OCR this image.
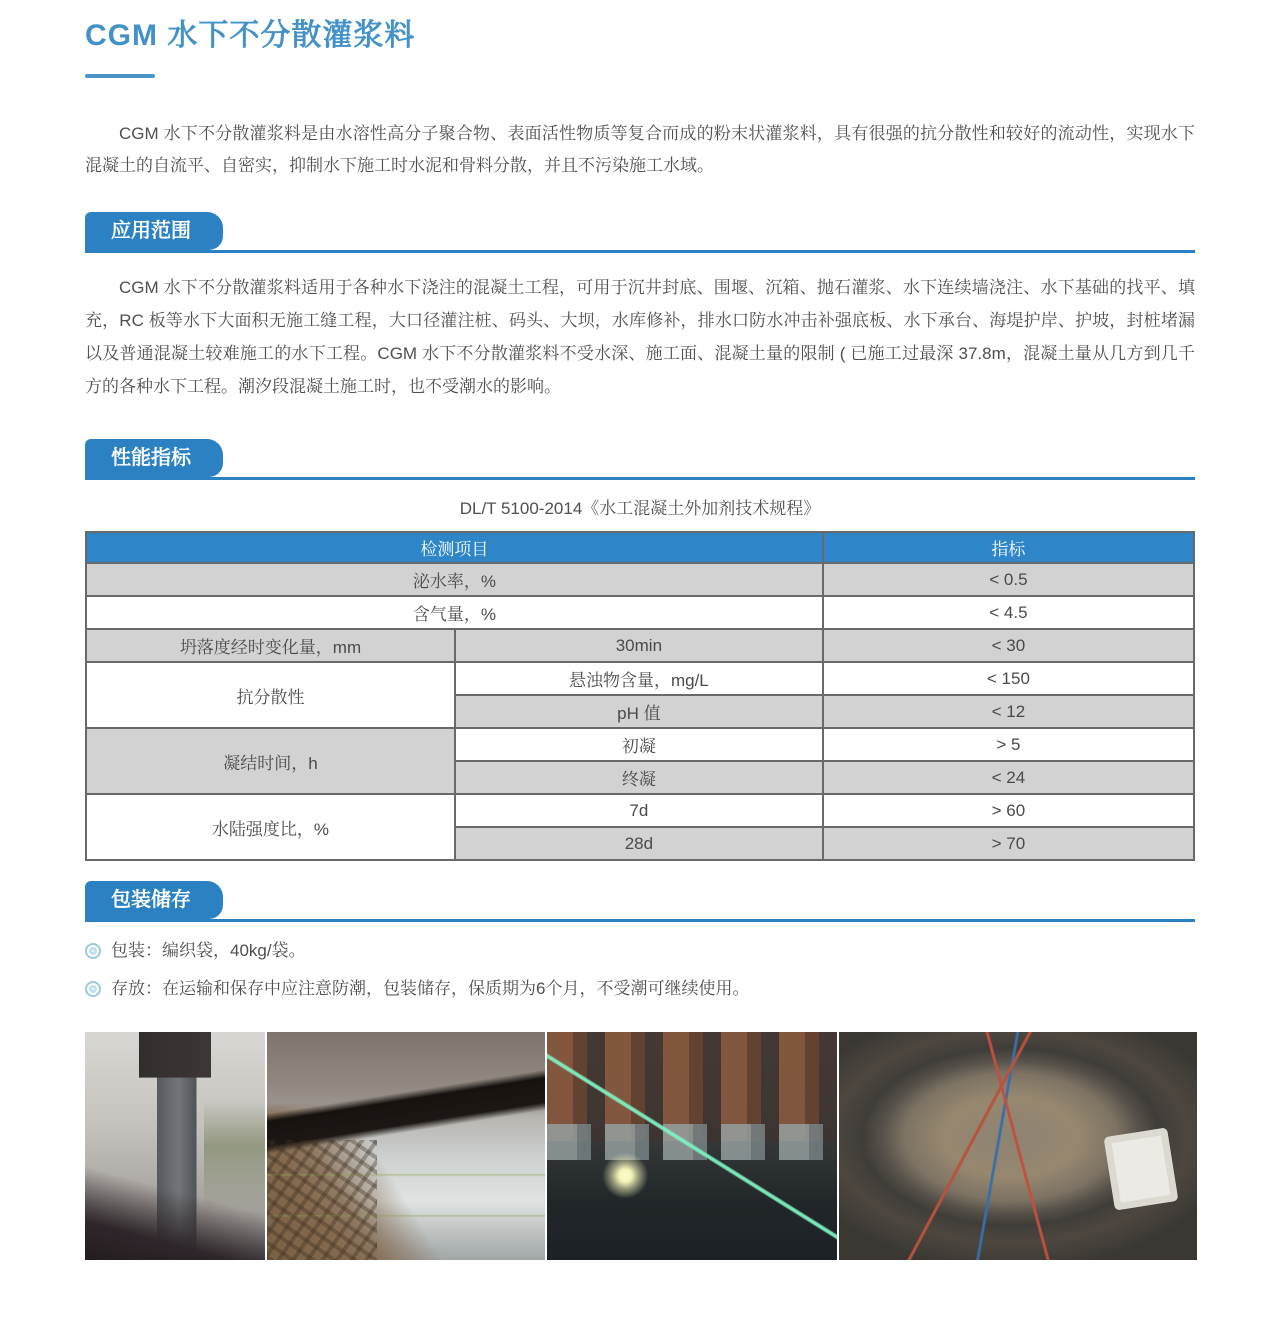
CGM 水下不分散灌浆料

CGM 水下不分散灌浆料是由水溶性高分子聚合物、表面活性物质等复合而成的粉末状灌浆料，具有很强的抗分散性和较好的流动性，实现水下混凝土的自流平、自密实，抑制水下施工时水泥和骨料分散，并且不污染施工水域。

应用范围

CGM 水下不分散灌浆料适用于各种水下浇注的混凝土工程，可用于沉井封底、围堰、沉箱、抛石灌浆、水下连续墙浇注、水下基础的找平、填充，RC 板等水下大面积无施工缝工程，大口径灌注桩、码头、大坝，水库修补，排水口防水冲击补强底板、水下承台、海堤护岸、护坡，封桩堵漏以及普通混凝土较难施工的水下工程。CGM 水下不分散灌浆料不受水深、施工面、混凝土量的限制 ( 已施工过最深 37.8m，混凝土量从几方到几千方的各种水下工程。潮汐段混凝土施工时，也不受潮水的影响。

性能指标

DL/T 5100-2014《水工混凝土外加剂技术规程》

检测项目		指标
泌水率，%		< 0.5
含气量，%		< 4.5
坍落度经时变化量，mm	30min	< 30
抗分散性	悬浊物含量，mg/L	< 150
	pH 值	< 12
凝结时间，h	初凝	> 5
	终凝	< 24
水陆强度比，%	7d	> 60
	28d	> 70
包装储存
包装：编织袋，40kg/袋。
存放：在运输和保存中应注意防潮，包装储存，保质期为6个月，不受潮可继续使用。
